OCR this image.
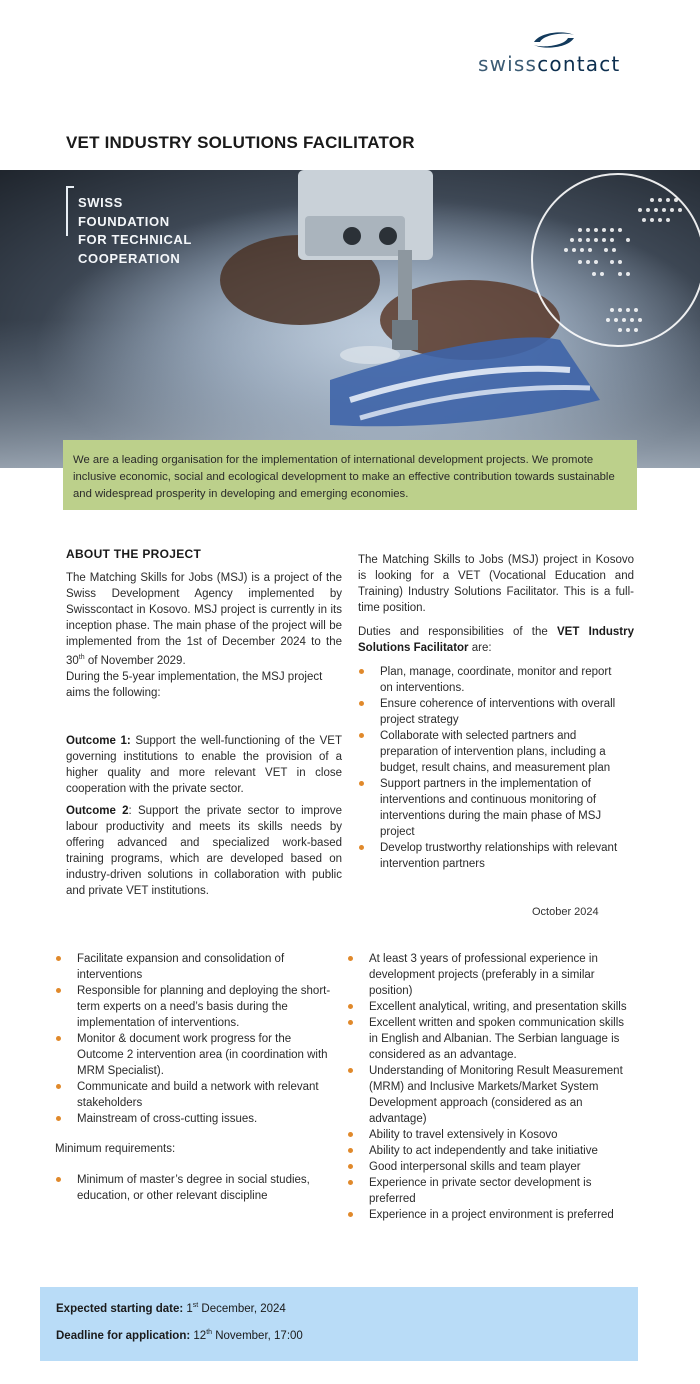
swisscontact
VET INDUSTRY SOLUTIONS FACILITATOR
SWISS
FOUNDATION
FOR TECHNICAL
COOPERATION
We are a leading organisation for the implementation of international development projects. We promote inclusive economic, social and ecological development to make an effective contribution towards sustainable and widespread prosperity in developing and emerging economies.
ABOUT THE PROJECT

The Matching Skills for Jobs (MSJ) is a project of the Swiss Development Agency implemented by Swisscontact in Kosovo. MSJ project is currently in its inception phase. The main phase of the project will be implemented from the 1st of December 2024 to the 30th of November 2029.

During the 5-year implementation, the MSJ project aims the following:

Outcome 1: Support the well-functioning of the VET governing institutions to enable the provision of a higher quality and more relevant VET in close cooperation with the private sector.

Outcome 2: Support the private sector to improve labour productivity and meets its skills needs by offering advanced and specialized work-based training programs, which are developed based on industry-driven solutions in collaboration with public and private VET institutions.

The Matching Skills to Jobs (MSJ) project in Kosovo is looking for a VET (Vocational Education and Training) Industry Solutions Facilitator. This is a full-time position.

Duties and responsibilities of the VET Industry Solutions Facilitator are:

Plan, manage, coordinate, monitor and report on interventions.
Ensure coherence of interventions with overall project strategy
Collaborate with selected partners and preparation of intervention plans, including a budget, result chains, and measurement plan
Support partners in the implementation of interventions and continuous monitoring of interventions during the main phase of MSJ project
Develop trustworthy relationships with relevant intervention partners
October 2024
Facilitate expansion and consolidation of interventions
Responsible for planning and deploying the short-term experts on a need’s basis during the implementation of interventions.
Monitor & document work progress for the Outcome 2 intervention area (in coordination with MRM Specialist).
Communicate and build a network with relevant stakeholders
Mainstream of cross-cutting issues.

Minimum requirements:

Minimum of master’s degree in social studies, education, or other relevant discipline
At least 3 years of professional experience in development projects (preferably in a similar position)
Excellent analytical, writing, and presentation skills
Excellent written and spoken communication skills in English and Albanian. The Serbian language is considered as an advantage.
Understanding of Monitoring Result Measurement (MRM) and Inclusive Markets/Market System Development approach (considered as an advantage)
Ability to travel extensively in Kosovo
Ability to act independently and take initiative
Good interpersonal skills and team player
Experience in private sector development is preferred
Experience in a project environment is preferred

Expected starting date: 1st December, 2024

Deadline for application: 12th November, 17:00
